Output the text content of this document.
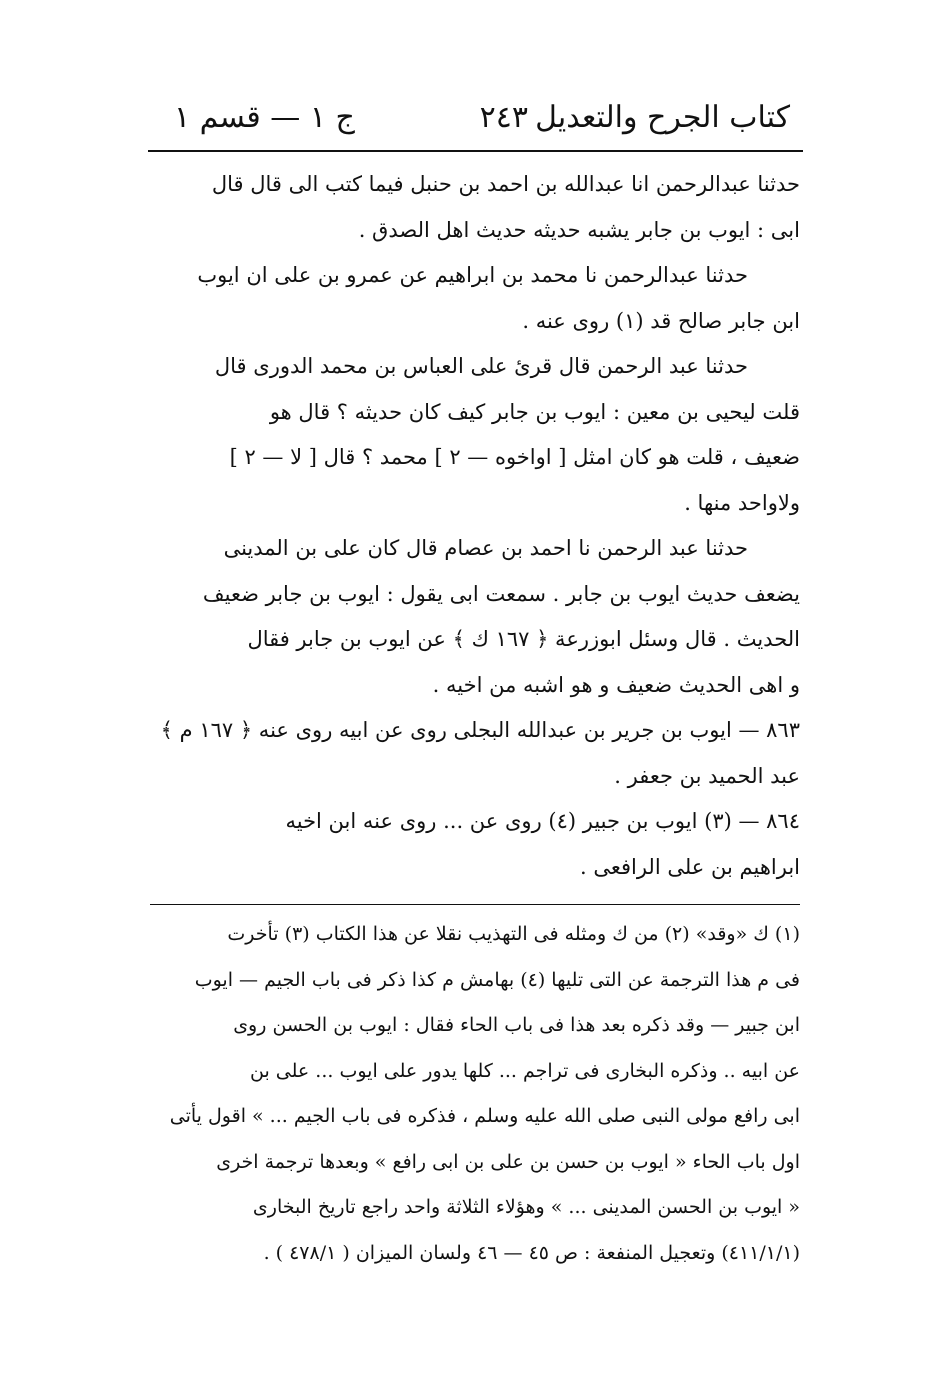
كتاب الجرح والتعديل
٢٤٣
ج ١ — قسم ١

حدثنا عبدالرحمن انا عبدالله بن احمد بن حنبل فيما كتب الى قال قال

ابى : ايوب بن جابر يشبه حديثه حديث اهل الصدق .

حدثنا عبدالرحمن نا محمد بن ابراهيم عن عمرو بن على ان ايوب

ابن جابر صالح قد (١) روى عنه .

حدثنا عبد الرحمن قال قرئ على العباس بن محمد الدورى قال

قلت ليحيى بن معين : ايوب بن جابر كيف كان حديثه ؟ قال هو

ضعيف ، قلت هو كان امثل [ اواخوه — ٢ ] محمد ؟ قال [ لا — ٢ ]

ولاواحد منها .

حدثنا عبد الرحمن نا احمد بن عصام قال كان على بن المدينى

يضعف حديث ايوب بن جابر . سمعت ابى يقول : ايوب بن جابر ضعيف

الحديث . قال وسئل ابوزرعة ﴿ ١٦٧ ك ﴾ عن ايوب بن جابر فقال

و اهى الحديث ضعيف و هو اشبه من اخيه .

٨٦٣ — ايوب بن جرير بن عبدالله البجلى روى عن ابيه روى عنه ﴿ ١٦٧ م ﴾

عبد الحميد بن جعفر .

٨٦٤ — (٣) ايوب بن جبير (٤) روى عن ... روى عنه ابن اخيه

ابراهيم بن على الرافعى .

(١) ك «وقد» (٢) من ك ومثله فى التهذيب نقلا عن هذا الكتاب (٣) تأخرت

فى م هذا الترجمة عن التى تليها (٤) بهامش م كذا ذكر فى باب الجيم — ايوب

ابن جبير — وقد ذكره بعد هذا فى باب الحاء فقال : ايوب بن الحسن روى

عن ابيه .. وذكره البخارى فى تراجم ... كلها يدور على ايوب ... على بن

ابى رافع مولى النبى صلى الله عليه وسلم ، فذكره فى باب الجيم ... » اقول يأتى

اول باب الحاء « ايوب بن حسن بن على بن ابى رافع » وبعدها ترجمة اخرى

« ايوب بن الحسن المدينى ... » وهؤلاء الثلاثة واحد راجع تاريخ البخارى

(٤١١/١/١) وتعجيل المنفعة : ص ٤٥ — ٤٦ ولسان الميزان ( ٤٧٨/١ ) .
